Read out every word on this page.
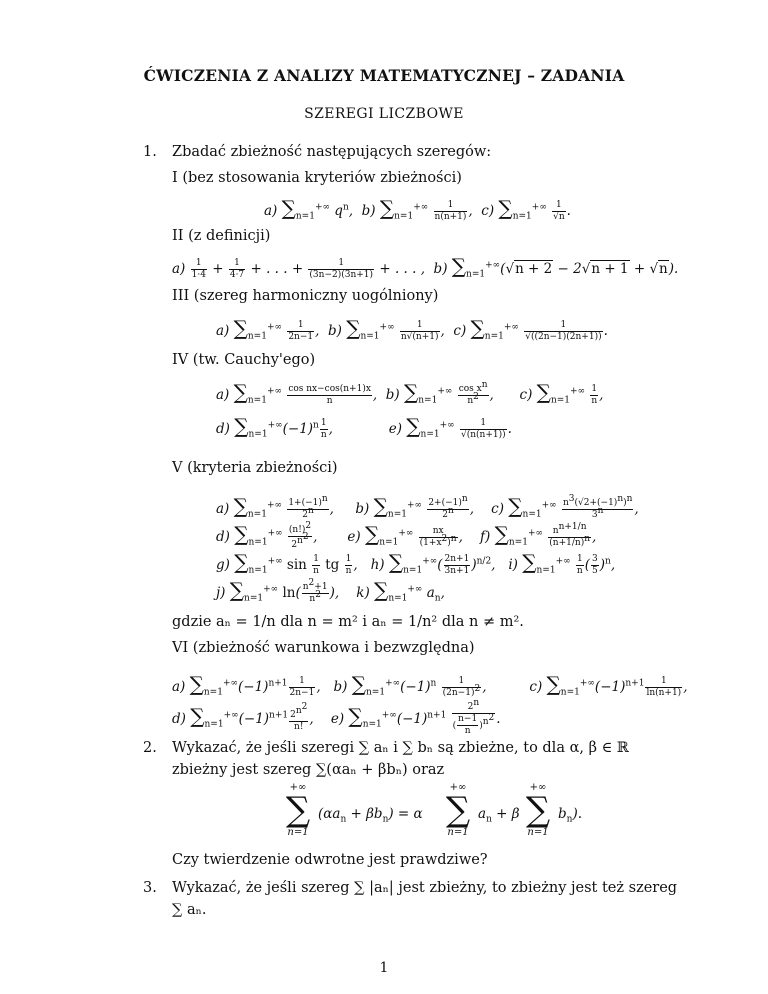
ĆWICZENIA Z ANALIZY MATEMATYCZNEJ – ZADANIA
SZEREGI LICZBOWE
1. Zbadać zbieżność następujących szeregów:
I (bez stosowania kryteriów zbieżności)
a) $\sum_{n=1}^{+\infty}$ $q^n$,  b) $\sum_{n=1}^{+\infty} \frac{1}{n(n+1)}$ ,  c) $\sum_{n=1}^{+\infty} \frac{1}{√n}$ .
II (z definicji)
$a) \frac{1}{1\cdot 4} + \frac{1}{4\cdot 7}$ + . . . + $\frac{1}{(3n-2)(3n+1)}$ + . . . ,  b) $\sum_{n=1}^{+\infty}(√n + 2 - 2√n + 1 + √n)$.
III (szereg harmoniczny uogólniony)
a) $\sum_{n=1}^{+\infty} \frac{1}{2n-1}$ ,  b) $\sum_{n=1}^{+\infty} \frac{1}{n√(n+1)}$ ,  c) $\sum_{n=1}^{+\infty} \frac{1}{√((2n-1)(2n+1))}$ .
IV (tw. Cauchy'ego)
a) $\sum_{n=1}^{+\infty} \frac{\text{cos nx−cos(n+1)x}}{n}$ ,  b) $\sum_{n=1}^{+\infty} \frac{\cos x^n}{n^2}$ ,      c) $\sum_{n=1}^{+\infty} \frac{1}{n}$ ,
d) $\sum_{n=1}^{+\infty}(-1)^n \frac{1}{n}$ ,             e) $\sum_{n=1}^{+\infty} \frac{1}{√(n(n+1))}$ .
V (kryteria zbieżności)
a) $\sum_{n=1}^{+\infty} \frac{1+(-1)^n}{2^n}$ ,     b) $\sum_{n=1}^{+\infty} \frac{2+(-1)^n}{2^n}$ ,    c) $\sum_{n=1}^{+\infty} \frac{n^3(√2+(-1)^n)^n}{3^n}$ ,
d) $\sum_{n=1}^{+\infty} \frac{(n!)^2}{2^{n^2}}$ ,       e) $\sum_{n=1}^{+\infty} \frac{nx}{(1+x^2)^n}$ ,    f) $\sum_{n=1}^{+\infty} \frac{n^{n+1/n}}{(n+1/n)^n}$ ,
g) $\sum_{n=1}^{+\infty}$ $\sin \frac{1}{n}$ tg $\frac{1}{n}$ ,   h) $\sum_{n=1}^{+\infty}( \frac{2n+1}{3n+1} )^{n/2}$,   i) $\sum_{n=1}^{+\infty} \frac{1}{n}$ ( $\frac{3}{5} )^n$,
j) $\sum_{n=1}^{+\infty}$ $\ln( \frac{n^2+1}{n^2}$ ),    k) $\sum_{n=1}^{+\infty}$ $a_n$,
gdzie aₙ = 1/n dla n = m² i aₙ = 1/n² dla n ≠ m².
VI (zbieżność warunkowa i bezwzględna)
a) $\sum_{n=1}^{+\infty}(-1)^{n+1} \frac{1}{2n-1}$ ,   b) $\sum_{n=1}^{+\infty}(-1)^n \frac{1}{(2n-1)^2}$ ,          c) $\sum_{n=1}^{+\infty}(-1)^{n+1} \frac{1}{\ln(n+1)}$ ,
d) $\sum_{n=1}^{+\infty}(-1)^{n+1} \frac{2^{n^2}}{n!}$ ,    e) $\sum_{n=1}^{+\infty}(-1)^{n+1} \frac{2^n}{( \frac{n-1}{n} )^{n^2}}$ .
2. Wykazać, że jeśli szeregi ∑ aₙ i ∑ bₙ są zbieżne, to dla α, β ∈ ℝ
zbieżny jest szereg ∑(αaₙ + βbₙ) oraz
+∞
∑
n=1
$(\alpha a_n + \beta b_n) = \alpha$
+∞
∑
n=1
$a_n + \beta$
+∞
∑
n=1
$b_n$).
Czy twierdzenie odwrotne jest prawdziwe?
3. Wykazać, że jeśli szereg ∑ |aₙ| jest zbieżny, to zbieżny jest też szereg
∑ aₙ.
1
